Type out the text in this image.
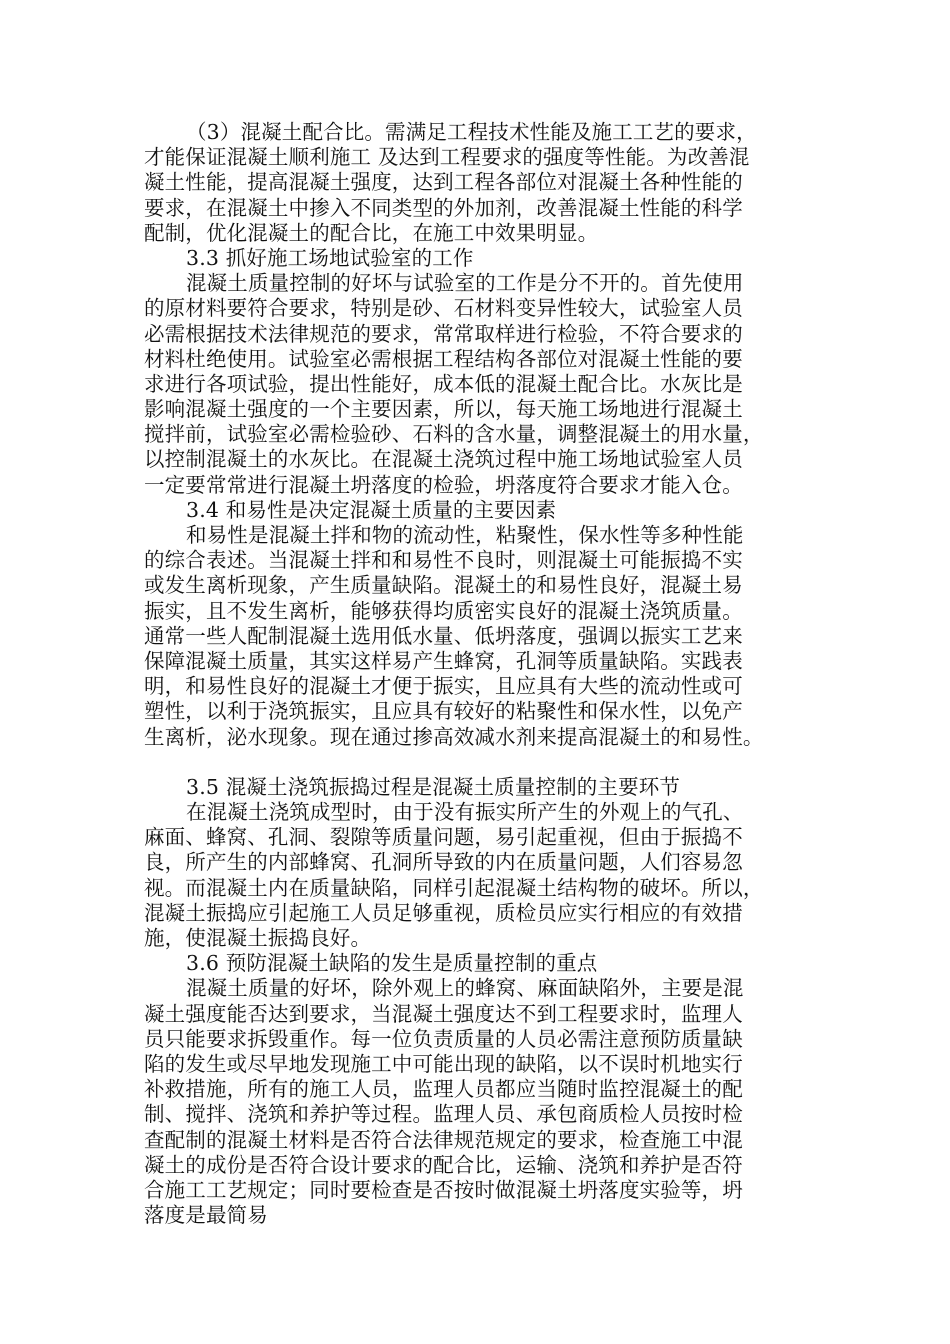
（3）混凝土配合比。需满足工程技术性能及施工工艺的要求，
才能保证混凝土顺利施工 及达到工程要求的强度等性能。为改善混
凝土性能，提高混凝土强度，达到工程各部位对混凝土各种性能的
要求，在混凝土中掺入不同类型的外加剂，改善混凝土性能的科学
配制，优化混凝土的配合比，在施工中效果明显。
3.3 抓好施工场地试验室的工作
混凝土质量控制的好坏与试验室的工作是分不开的。首先使用
的原材料要符合要求，特别是砂、石材料变异性较大，试验室人员
必需根据技术法律规范的要求，常常取样进行检验，不符合要求的
材料杜绝使用。试验室必需根据工程结构各部位对混凝土性能的要
求进行各项试验，提出性能好，成本低的混凝土配合比。水灰比是
影响混凝土强度的一个主要因素，所以，每天施工场地进行混凝土
搅拌前，试验室必需检验砂、石料的含水量，调整混凝土的用水量，
以控制混凝土的水灰比。在混凝土浇筑过程中施工场地试验室人员
一定要常常进行混凝土坍落度的检验，坍落度符合要求才能入仓。
3.4 和易性是决定混凝土质量的主要因素
和易性是混凝土拌和物的流动性，粘聚性，保水性等多种性能
的综合表述。当混凝土拌和和易性不良时，则混凝土可能振捣不实
或发生离析现象，产生质量缺陷。混凝土的和易性良好，混凝土易
振实，且不发生离析，能够获得均质密实良好的混凝土浇筑质量。
通常一些人配制混凝土选用低水量、低坍落度，强调以振实工艺来
保障混凝土质量，其实这样易产生蜂窝，孔洞等质量缺陷。实践表
明，和易性良好的混凝土才便于振实，且应具有大些的流动性或可
塑性，以利于浇筑振实，且应具有较好的粘聚性和保水性，以免产
生离析，泌水现象。现在通过掺高效减水剂来提高混凝土的和易性。
3.5 混凝土浇筑振捣过程是混凝土质量控制的主要环节
在混凝土浇筑成型时，由于没有振实所产生的外观上的气孔、
麻面、蜂窝、孔洞、裂隙等质量问题，易引起重视，但由于振捣不
良，所产生的内部蜂窝、孔洞所导致的内在质量问题，人们容易忽
视。而混凝土内在质量缺陷，同样引起混凝土结构物的破坏。所以，
混凝土振捣应引起施工人员足够重视，质检员应实行相应的有效措
施，使混凝土振捣良好。
3.6 预防混凝土缺陷的发生是质量控制的重点
混凝土质量的好坏，除外观上的蜂窝、麻面缺陷外，主要是混
凝土强度能否达到要求，当混凝土强度达不到工程要求时，监理人
员只能要求拆毁重作。每一位负责质量的人员必需注意预防质量缺
陷的发生或尽早地发现施工中可能出现的缺陷，以不误时机地实行
补救措施，所有的施工人员，监理人员都应当随时监控混凝土的配
制、搅拌、浇筑和养护等过程。监理人员、承包商质检人员按时检
查配制的混凝土材料是否符合法律规范规定的要求，检查施工中混
凝土的成份是否符合设计要求的配合比，运输、浇筑和养护是否符
合施工工艺规定；同时要检查是否按时做混凝土坍落度实验等，坍
落度是最简易
